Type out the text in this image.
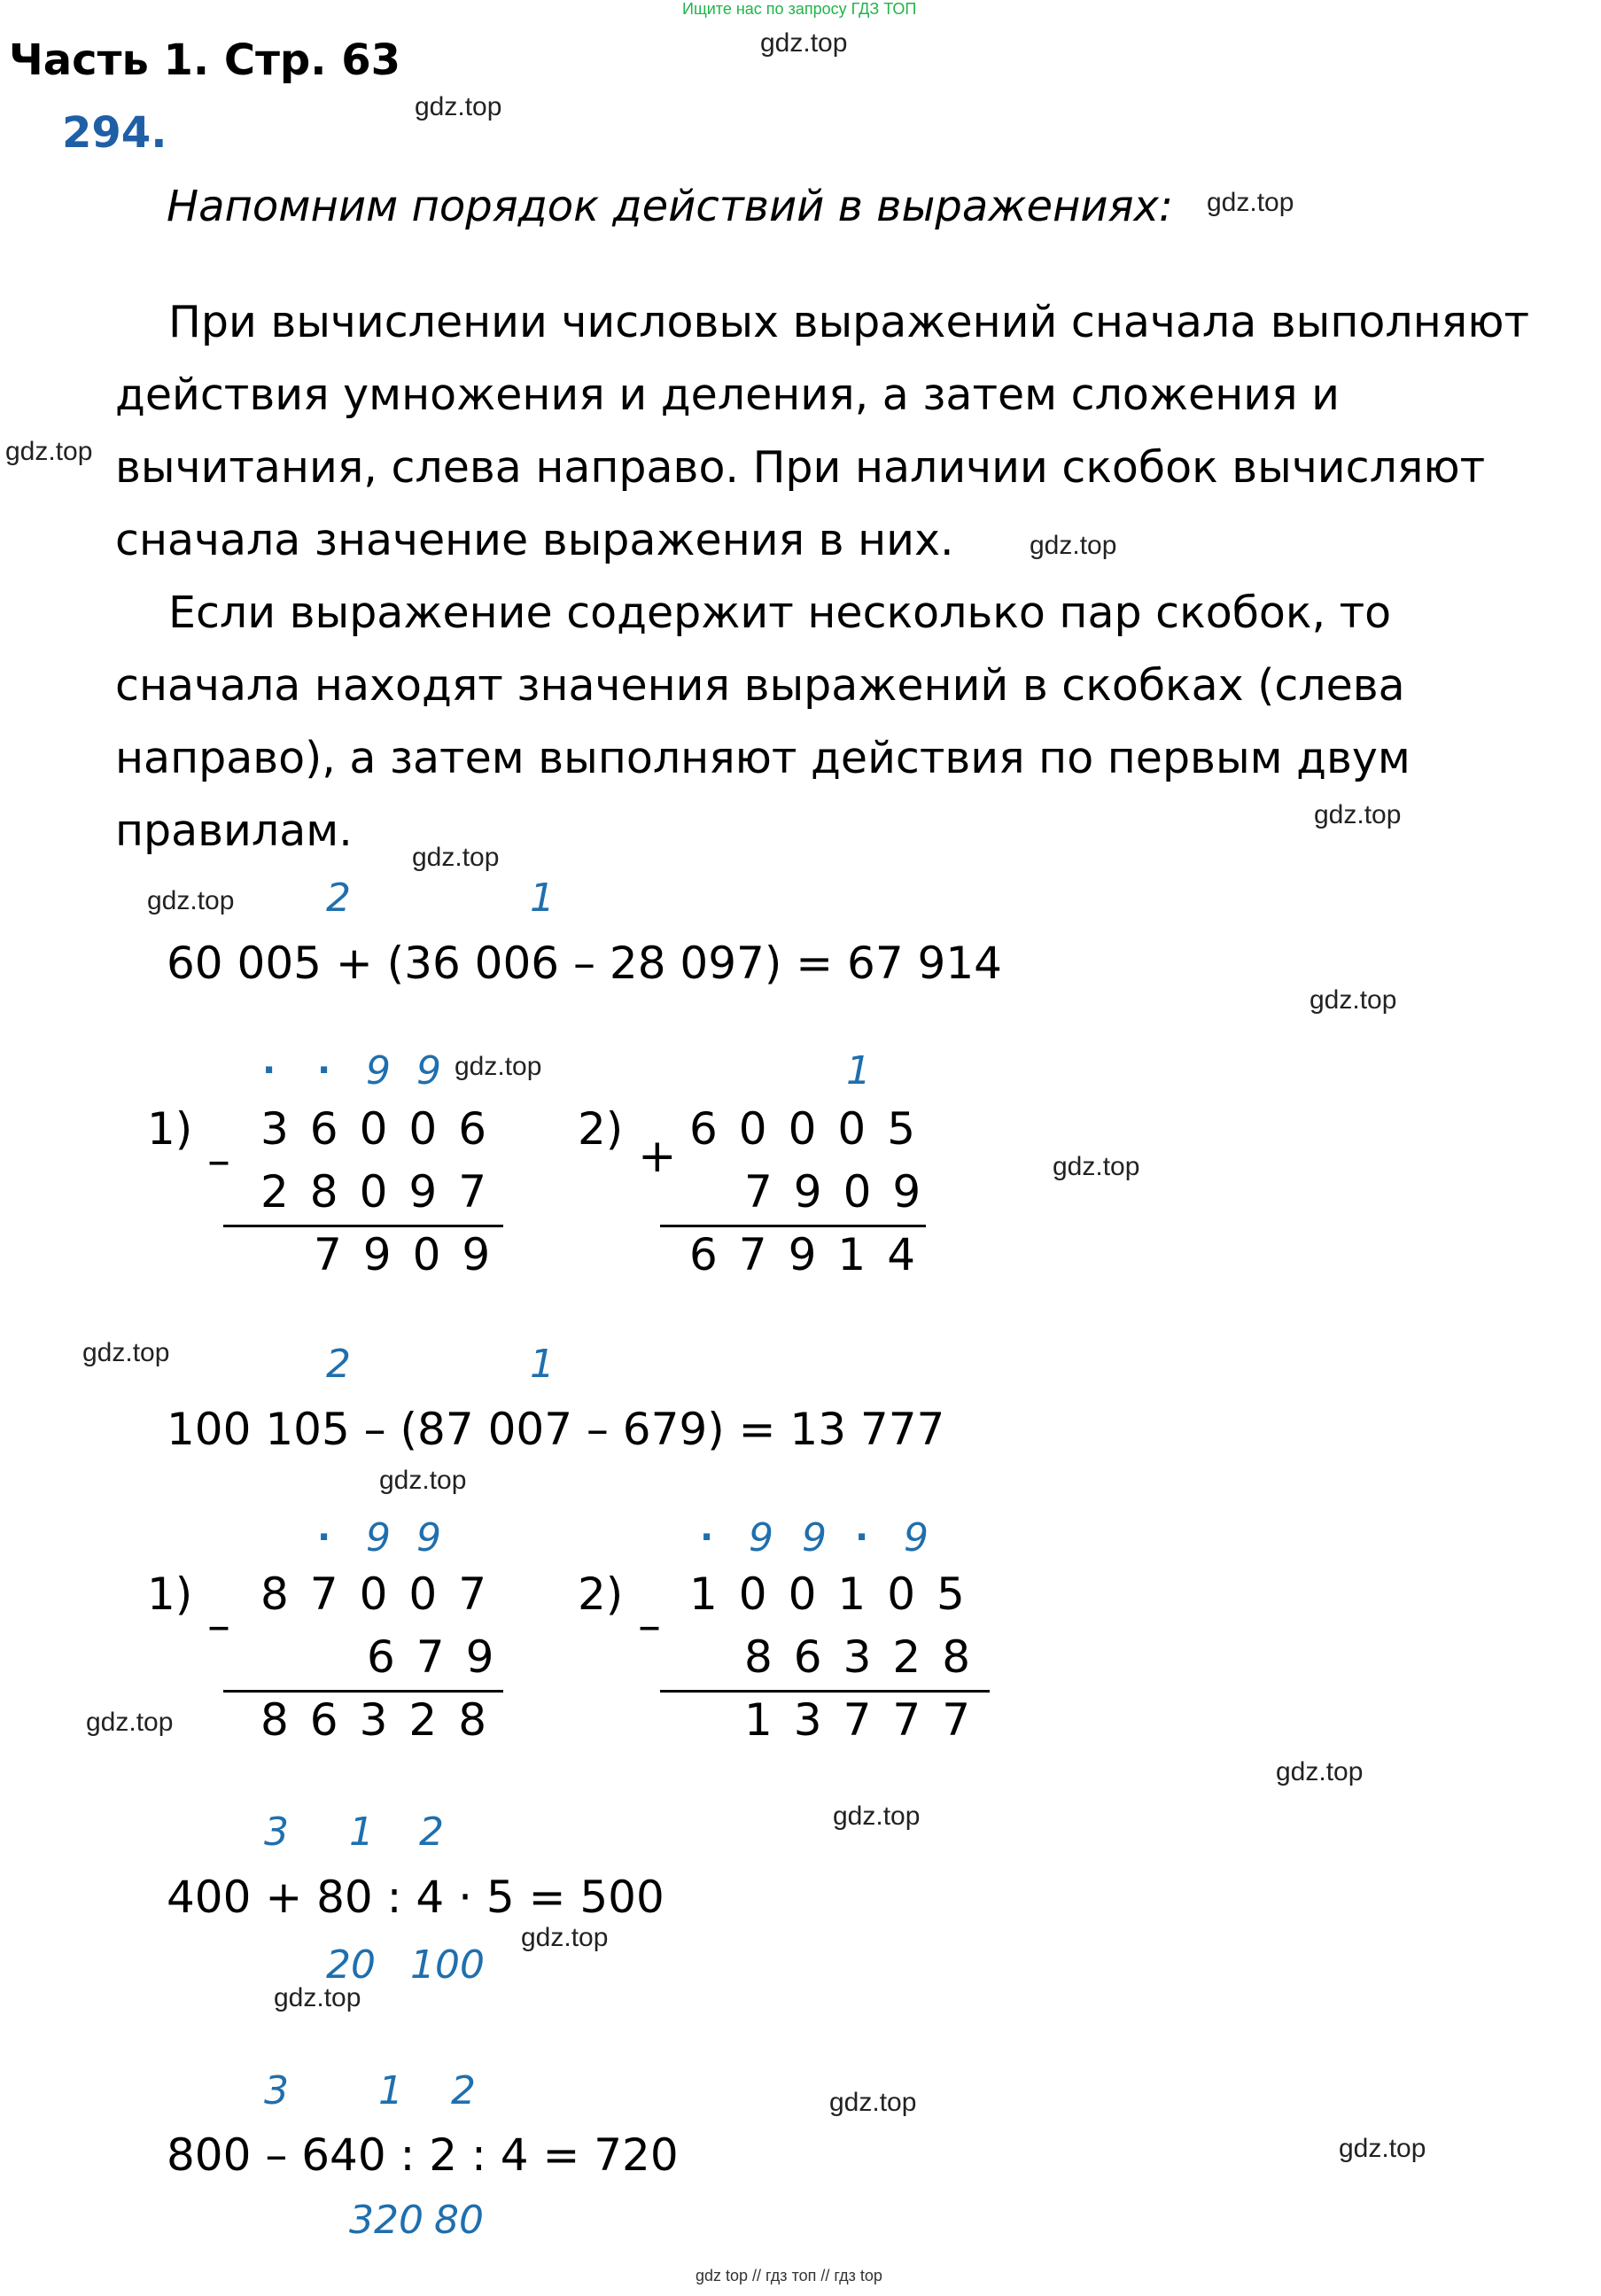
Ищите нас по запросу ГДЗ ТОП
gdz top // гдз топ // гдз top
gdz.top
gdz.top
gdz.top
gdz.top
gdz.top
gdz.top
gdz.top
gdz.top
gdz.top
gdz.top
gdz.top
gdz.top
gdz.top
gdz.top
gdz.top
gdz.top
gdz.top
gdz.top
gdz.top
gdz.top
Часть 1. Стр. 63
294.
Напомним порядок действий в выражениях:

При вычислении числовых выражений сначала выполняют действия умножения и деления, а затем сложения и вычитания, слева направо. При наличии скобок вычисляют сначала значение выражения в них.

Если выражение содержит несколько пар скобок, то сначала находят значения выражений в скобках (слева направо), а затем выполняют действия по первым двум правилам.

2	1
60 005 + (36 006 – 28 097) = 67 914
1)
–
· · 9 9
36006
28097
7909
2)
+
1
60005
7909
67914
2	1
100 105 – (87 007 – 679) = 13 777
1)
–
· 9 9
87007
679
86328
2)
–
· 9 9 · 9
100105
86328
13777
3 1 2
400 + 80 : 4 · 5 = 500
20 100
3 1 2
800 – 640 : 2 : 4 = 720
320 80
